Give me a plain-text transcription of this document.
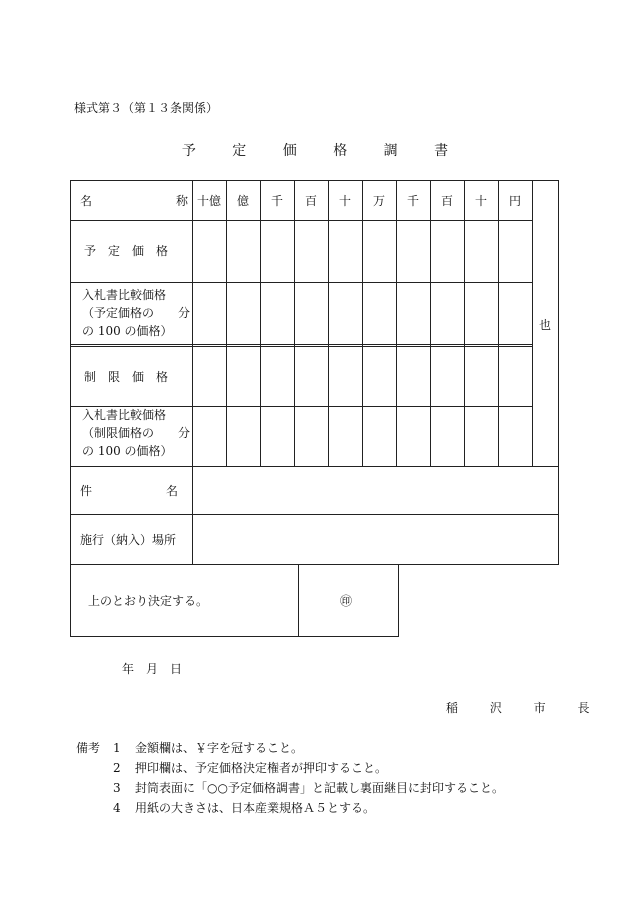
様式第３（第１３条関係）
予 定 価 格 調 書
名	称 十億	億	千	百	十	万	千	百	十	円
也
予　定　価　格
入札書比較価格
（予定価格の　　分
の 100 の価格）
制　限　価　格
入札書比較価格
（制限価格の　　分
の 100 の価格）
件	名
施行（納入）場所
上のとおり決定する。	㊞
年　月　日
稲 沢 市 長
備考 1 金額欄は、￥字を冠すること。
2 押印欄は、予定価格決定権者が押印すること。
3 封筒表面に「○○予定価格調書」と記載し裏面継目に封印すること。
4 用紙の大きさは、日本産業規格Ａ５とする。
